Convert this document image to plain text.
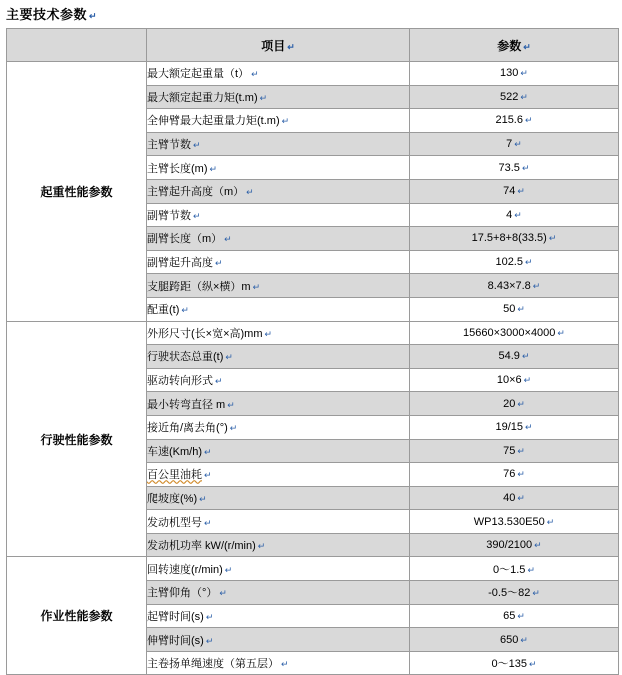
主要技术参数 ↵
	项目 ↵	参数 ↵
起重性能参数	最大额定起重量（t） ↵	130 ↵
	最大额定起重力矩(t.m) ↵	522 ↵
	全伸臂最大起重量力矩(t.m) ↵	215.6 ↵
	主臂节数 ↵	7 ↵
	主臂长度(m) ↵	73.5 ↵
	主臂起升高度（m） ↵	74 ↵
	副臂节数 ↵	4 ↵
	副臂长度（m） ↵	17.5+8+8(33.5) ↵
	副臂起升高度 ↵	102.5 ↵
	支腿跨距（纵×横）m ↵	8.43×7.8 ↵
	配重(t) ↵	50 ↵
行驶性能参数	外形尺寸(长×宽×高)mm ↵	15660×3000×4000 ↵
	行驶状态总重(t) ↵	54.9 ↵
	驱动转向形式 ↵	10×6 ↵
	最小转弯直径 m ↵	20 ↵
	接近角/离去角(°) ↵	19/15 ↵
	车速(Km/h) ↵	75 ↵
	百公里油耗 ↵	76 ↵
	爬坡度(%) ↵	40 ↵
	发动机型号 ↵	WP13.530E50 ↵
	发动机功率 kW/(r/min) ↵	390/2100 ↵
作业性能参数	回转速度(r/min) ↵	0～1.5 ↵
	主臂仰角（°） ↵	-0.5～82 ↵
	起臂时间(s) ↵	65 ↵
	伸臂时间(s) ↵	650 ↵
	主卷扬单绳速度（第五层） ↵	0～135 ↵
